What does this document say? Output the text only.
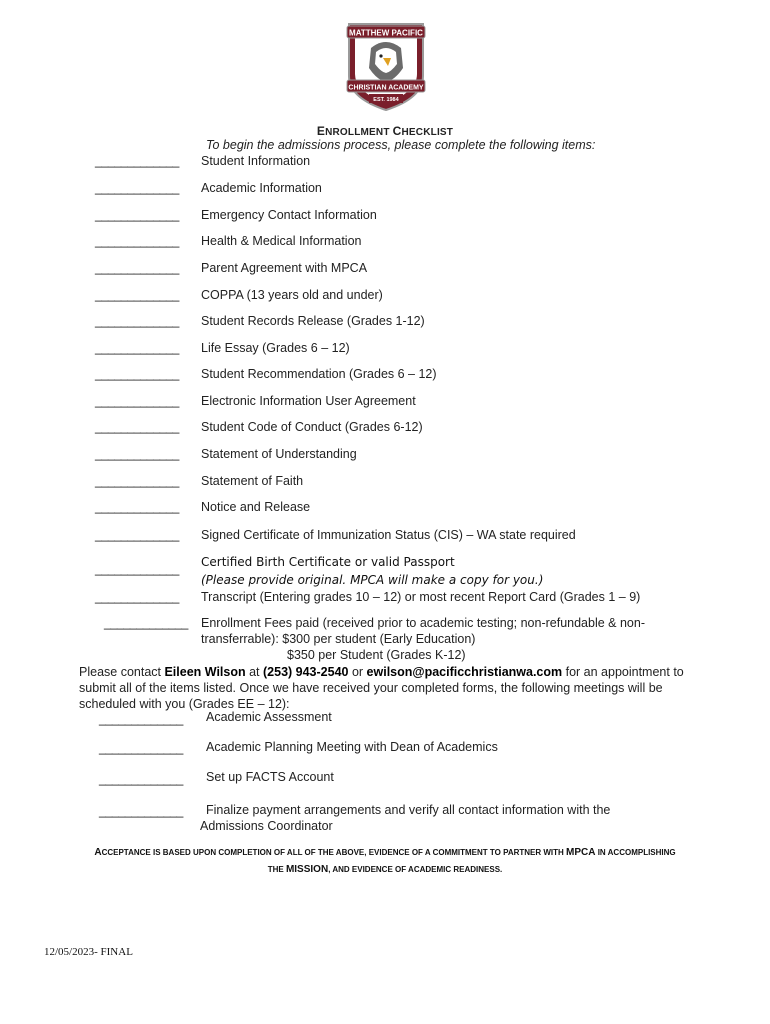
MATTHEW PACIFIC
CHRISTIAN ACADEMY
EST. 1984
ENROLLMENT CHECKLIST
To begin the admissions process, please complete the following items:
_____________ Student Information
_____________ Academic Information
_____________ Emergency Contact Information
_____________ Health & Medical Information
_____________ Parent Agreement with MPCA
_____________ COPPA (13 years old and under)
_____________ Student Records Release (Grades 1-12)
_____________ Life Essay (Grades 6 – 12)
_____________ Student Recommendation (Grades 6 – 12)
_____________ Electronic Information User Agreement
_____________ Student Code of Conduct (Grades 6-12)
_____________ Statement of Understanding
_____________ Statement of Faith
_____________ Notice and Release
_____________ Signed Certificate of Immunization Status (CIS) – WA state required
_____________ Certified Birth Certificate or valid Passport
(Please provide original. MPCA will make a copy for you.)
_____________ Transcript (Entering grades 10 – 12) or most recent Report Card (Grades 1 – 9)
_____________ Enrollment Fees paid (received prior to academic testing; non-refundable & non-
transferrable): $300 per student (Early Education)
$350 per Student (Grades K-12)
Please contact Eileen Wilson at (253) 943-2540 or ewilson@pacificchristianwa.com for an appointment to submit all of the items listed. Once we have received your completed forms, the following meetings will be scheduled with you (Grades EE – 12):
_____________ Academic Assessment
_____________ Academic Planning Meeting with Dean of Academics
_____________ Set up FACTS Account
_____________ Finalize payment arrangements and verify all contact information with the
Admissions Coordinator
ACCEPTANCE IS BASED UPON COMPLETION OF ALL OF THE ABOVE, EVIDENCE OF A COMMITMENT TO PARTNER WITH MPCA IN ACCOMPLISHING
THE MISSION, AND EVIDENCE OF ACADEMIC READINESS.
12/05/2023- FINAL
